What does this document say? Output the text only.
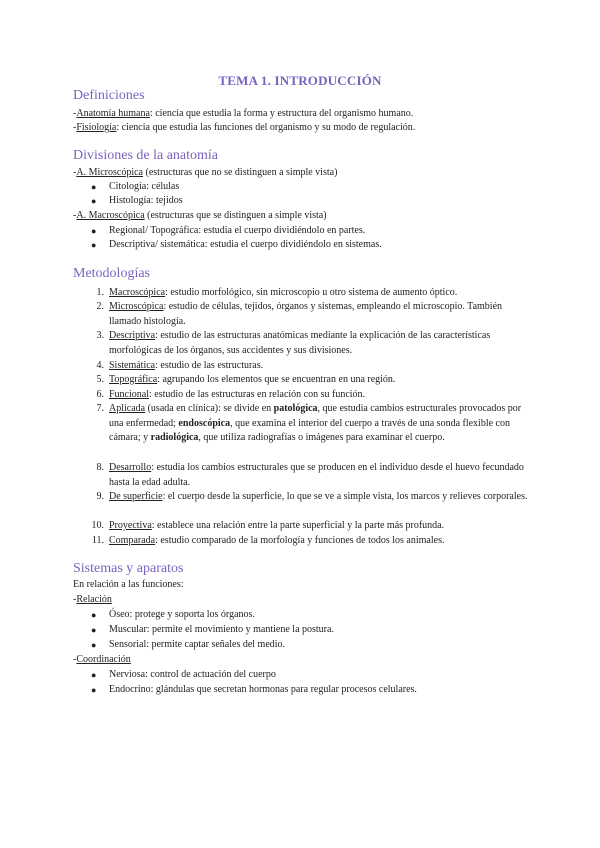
TEMA 1. INTRODUCCIÓN
Definiciones
-Anatomía humana: ciencia que estudia la forma y estructura del organismo humano.
-Fisiología: ciencia que estudia las funciones del organismo y su modo de regulación.
Divisiones de la anatomía
-A. Microscópica (estructuras que no se distinguen a simple vista)
● Citología: células
● Histología: tejidos
-A. Macroscópica (estructuras que se distinguen a simple vista)
● Regional/ Topográfica: estudia el cuerpo dividiéndolo en partes.
● Descriptiva/ sistemática: estudia el cuerpo dividiéndolo en sistemas.
Metodologías
1. Macroscópica: estudio morfológico, sin microscopio u otro sistema de aumento óptico.
2. Microscópica: estudio de células, tejidos, órganos y sistemas, empleando el microscopio. También llamado histología.
3. Descriptiva: estudio de las estructuras anatómicas mediante la explicación de las características morfológicas de los órganos, sus accidentes y sus divisiones.
4. Sistemática: estudio de las estructuras.
5. Topográfica: agrupando los elementos que se encuentran en una región.
6. Funcional: estudio de las estructuras en relación con su función.
7. Aplicada (usada en clínica): se divide en patológica, que estudia cambios estructurales provocados por una enfermedad; endoscópica, que examina el interior del cuerpo a través de una sonda flexible con cámara; y radiológica, que utiliza radiografías o imágenes para examinar el cuerpo.
8. Desarrollo: estudia los cambios estructurales que se producen en el individuo desde el huevo fecundado hasta la edad adulta.
9. De superficie: el cuerpo desde la superficie, lo que se ve a simple vista, los marcos y relieves corporales.
10. Proyectiva: establece una relación entre la parte superficial y la parte más profunda.
11. Comparada: estudio comparado de la morfología y funciones de todos los animales.
Sistemas y aparatos
En relación a las funciones:
-Relación
● Óseo: protege y soporta los órganos.
● Muscular: permite el movimiento y mantiene la postura.
● Sensorial: permite captar señales del medio.
-Coordinación
● Nerviosa: control de actuación del cuerpo
● Endocrino: glándulas que secretan hormonas para regular procesos celulares.
